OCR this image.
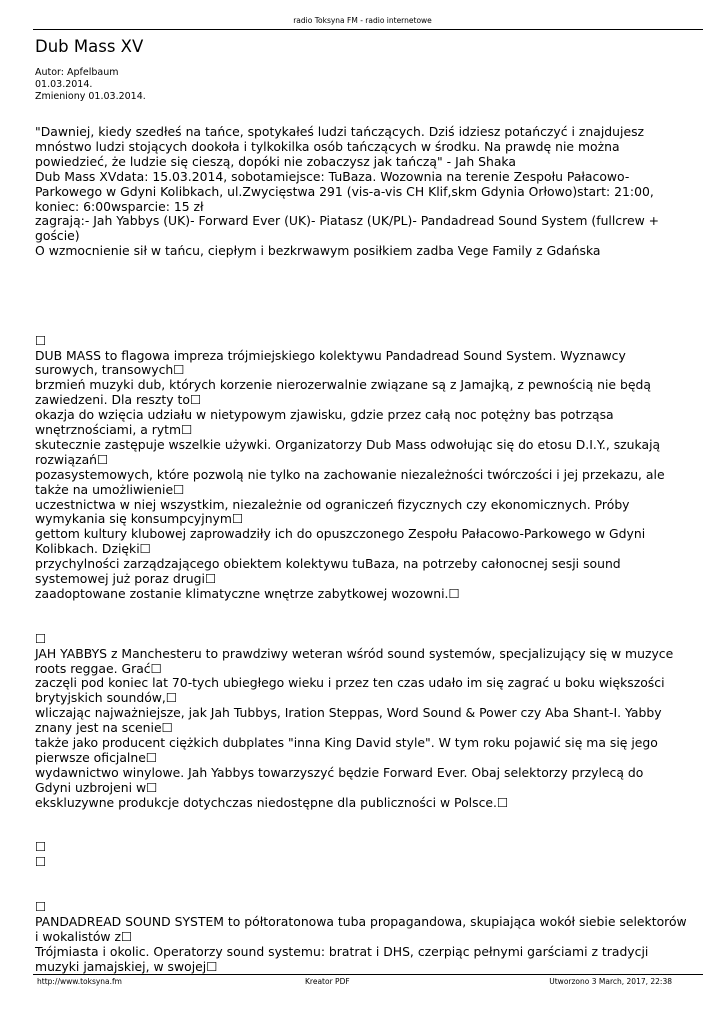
radio Toksyna FM - radio internetowe
Dub Mass XV
Autor: Apfelbaum
01.03.2014.
Zmieniony 01.03.2014.
"Dawniej, kiedy szedłeś na tańce, spotykałeś ludzi tańczących. Dziś idziesz potańczyć i znajdujesz
mnóstwo ludzi stojących dookoła i tylkokilka osób tańczących w środku. Na prawdę nie można
powiedzieć, że ludzie się cieszą, dopóki nie zobaczysz jak tańczą" - Jah Shaka
Dub Mass XVdata: 15.03.2014, sobotamiejsce: TuBaza. Wozownia na terenie Zespołu Pałacowo-
Parkowego w Gdyni Kolibkach, ul.Zwycięstwa 291 (vis-a-vis CH Klif,skm Gdynia Orłowo)start: 21:00,
koniec: 6:00wsparcie: 15 zł
zagrają:- Jah Yabbys (UK)- Forward Ever (UK)- Piatasz (UK/PL)- Pandadread Sound System (fullcrew +
goście)
O wzmocnienie sił w tańcu, ciepłym i bezkrwawym posiłkiem zadba Vege Family z Gdańska
☐
DUB MASS to flagowa impreza trójmiejskiego kolektywu Pandadread Sound System. Wyznawcy
surowych, transowych☐
brzmień muzyki dub, których korzenie nierozerwalnie związane są z Jamajką, z pewnością nie będą
zawiedzeni. Dla reszty to☐
okazja do wzięcia udziału w nietypowym zjawisku, gdzie przez całą noc potężny bas potrząsa
wnętrznościami, a rytm☐
skutecznie zastępuje wszelkie używki. Organizatorzy Dub Mass odwołując się do etosu D.I.Y., szukają
rozwiązań☐
pozasystemowych, które pozwolą nie tylko na zachowanie niezależności twórczości i jej przekazu, ale
także na umożliwienie☐
uczestnictwa w niej wszystkim, niezależnie od ograniczeń fizycznych czy ekonomicznych. Próby
wymykania się konsumpcyjnym☐
gettom kultury klubowej zaprowadziły ich do opuszczonego Zespołu Pałacowo-Parkowego w Gdyni
Kolibkach. Dzięki☐
przychylności zarządzającego obiektem kolektywu tuBaza, na potrzeby całonocnej sesji sound
systemowej już poraz drugi☐
zaadoptowane zostanie klimatyczne wnętrze zabytkowej wozowni.☐
☐
JAH YABBYS z Manchesteru to prawdziwy weteran wśród sound systemów, specjalizujący się w muzyce
roots reggae. Grać☐
zaczęli pod koniec lat 70-tych ubiegłego wieku i przez ten czas udało im się zagrać u boku większości
brytyjskich soundów,☐
wliczając najważniejsze, jak Jah Tubbys, Iration Steppas, Word Sound & Power czy Aba Shant-I. Yabby
znany jest na scenie☐
także jako producent ciężkich dubplates "inna King David style". W tym roku pojawić się ma się jego
pierwsze oficjalne☐
wydawnictwo winylowe. Jah Yabbys towarzyszyć będzie Forward Ever. Obaj selektorzy przylecą do
Gdyni uzbrojeni w☐
ekskluzywne produkcje dotychczas niedostępne dla publiczności w Polsce.☐
☐
☐
☐
PANDADREAD SOUND SYSTEM to półtoratonowa tuba propagandowa, skupiająca wokół siebie selektorów
i wokalistów z☐
Trójmiasta i okolic. Operatorzy sound systemu: bratrat i DHS, czerpiąc pełnymi garściami z tradycji
muzyki jamajskiej, w swojej☐
http://www.toksyna.fm	Kreator PDF	Utworzono 3 March, 2017, 22:38
